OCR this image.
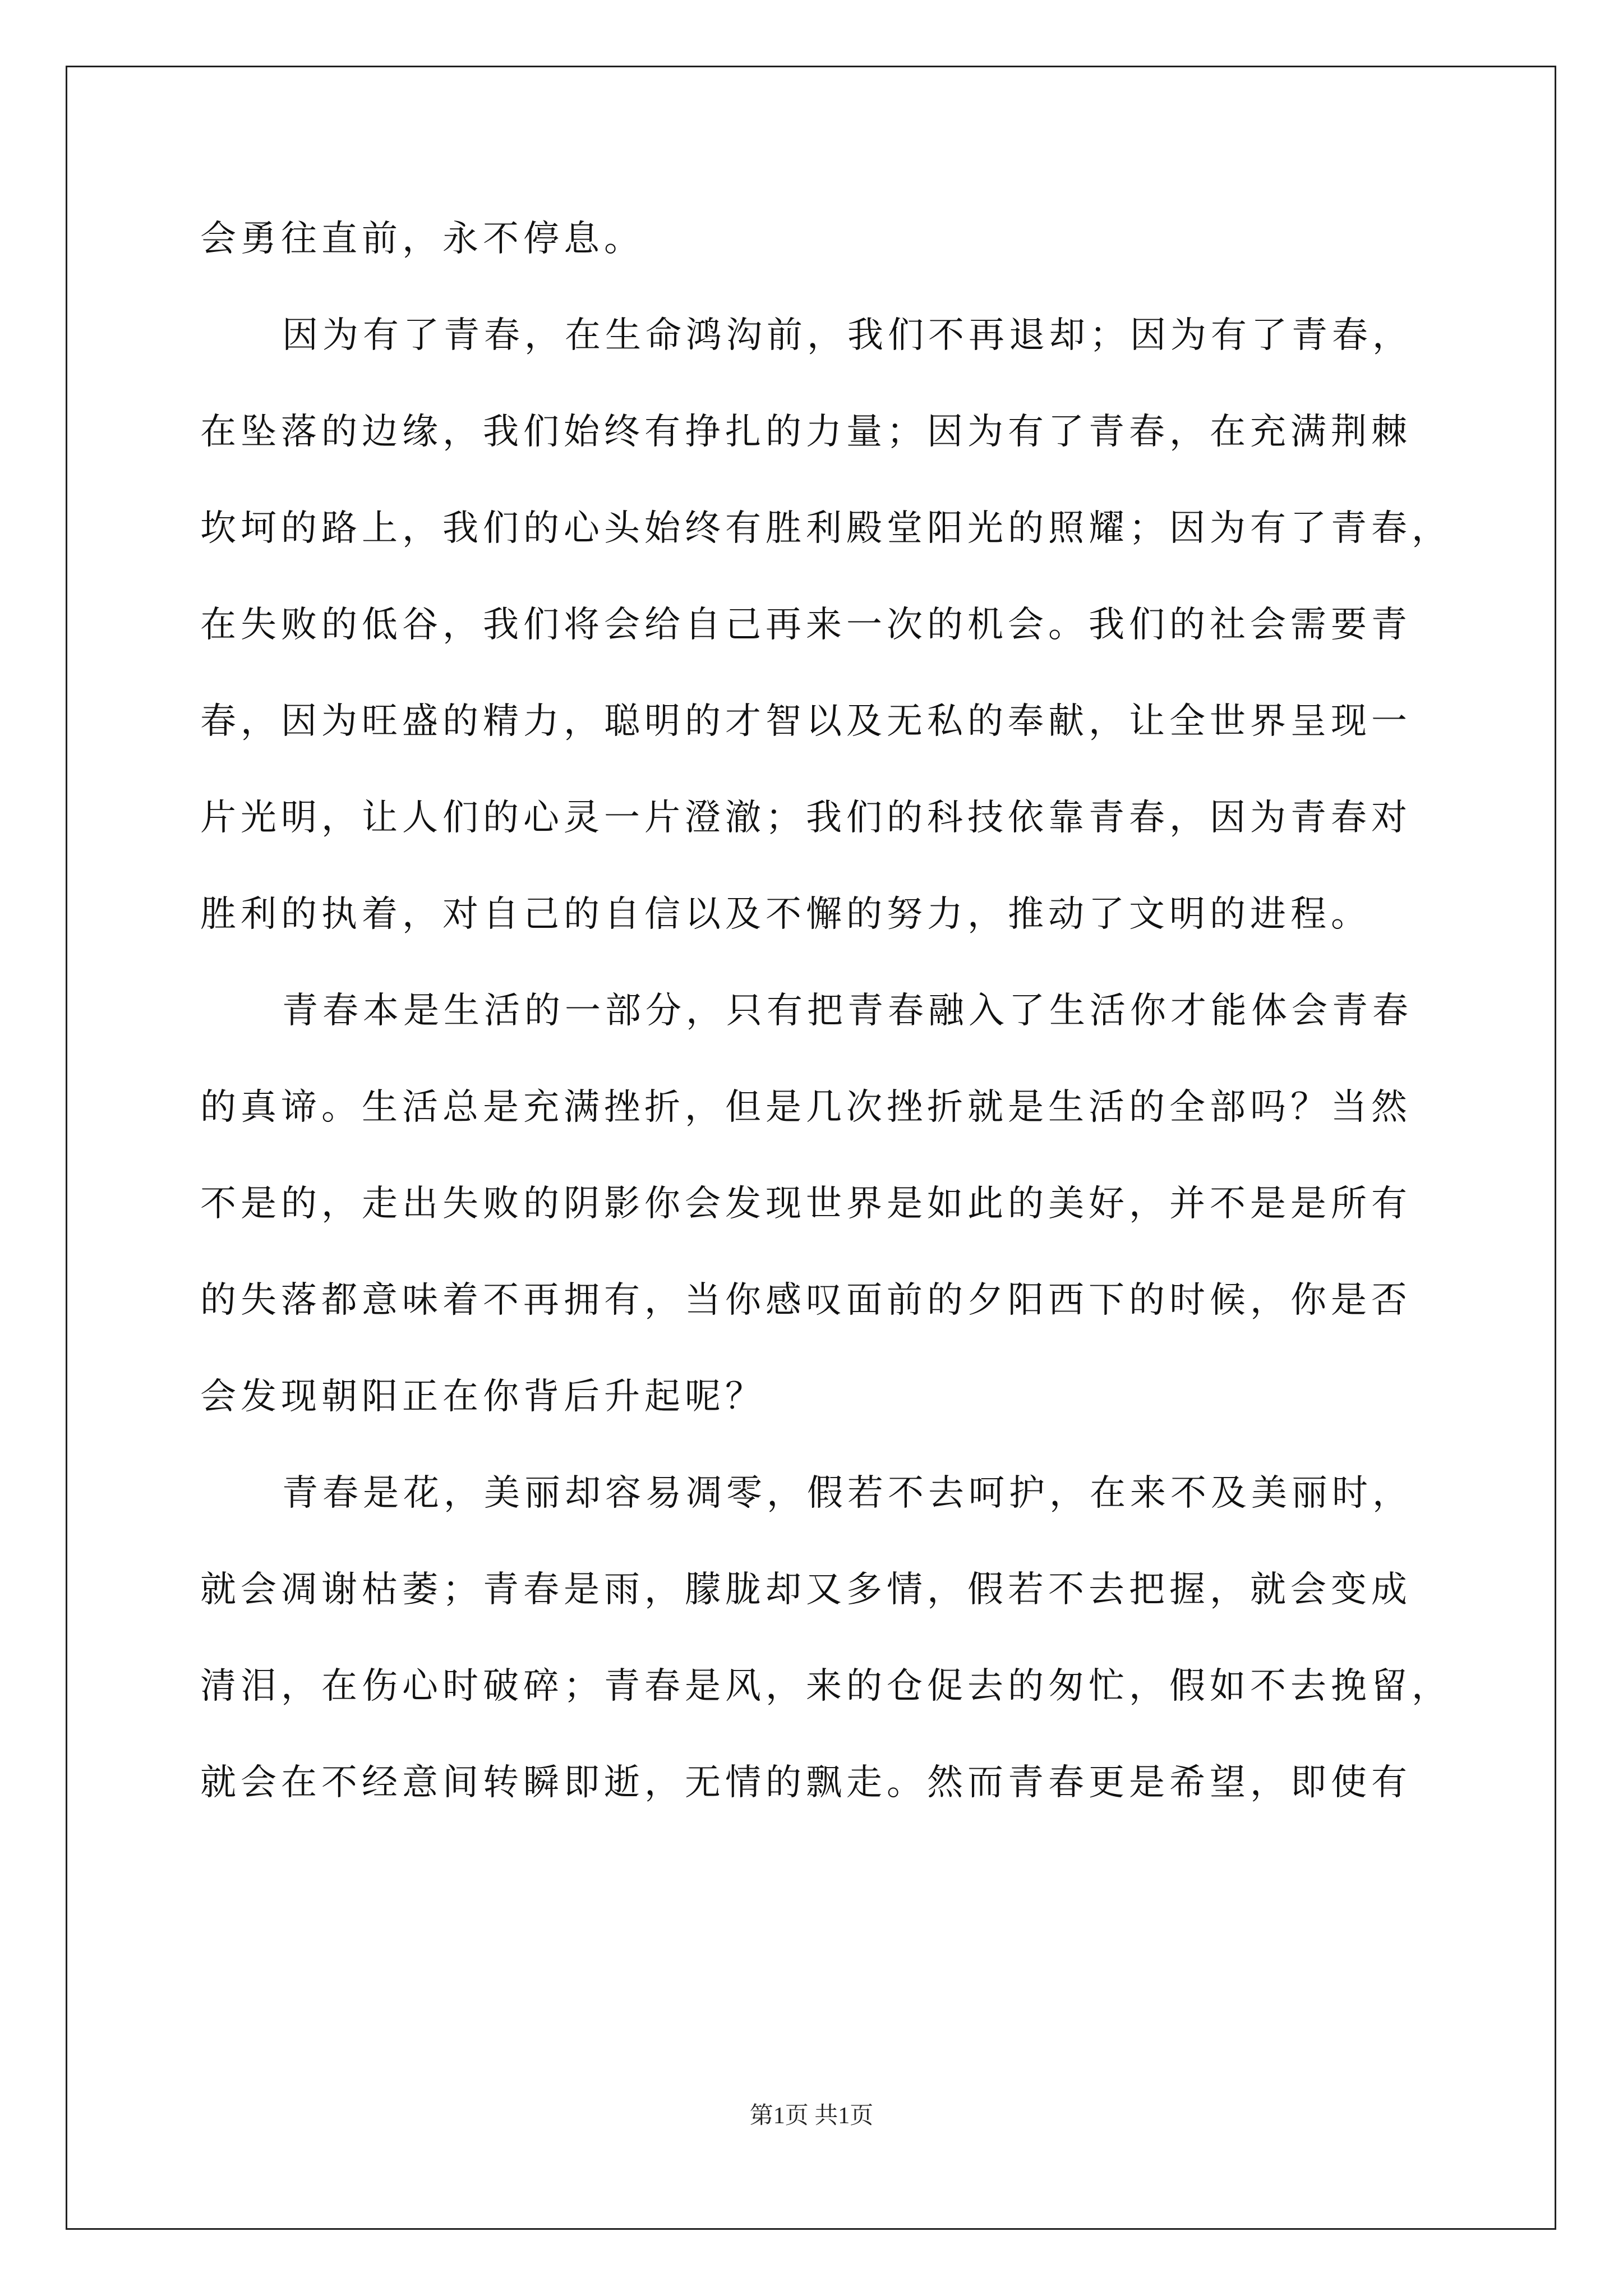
会勇往直前，永不停息。
因为有了青春，在生命鸿沟前，我们不再退却；因为有了青春，
在坠落的边缘，我们始终有挣扎的力量；因为有了青春，在充满荆棘
坎坷的路上，我们的心头始终有胜利殿堂阳光的照耀；因为有了青春，
在失败的低谷，我们将会给自己再来一次的机会。我们的社会需要青
春，因为旺盛的精力，聪明的才智以及无私的奉献，让全世界呈现一
片光明，让人们的心灵一片澄澈；我们的科技依靠青春，因为青春对
胜利的执着，对自己的自信以及不懈的努力，推动了文明的进程。
青春本是生活的一部分，只有把青春融入了生活你才能体会青春
的真谛。生活总是充满挫折，但是几次挫折就是生活的全部吗？当然
不是的，走出失败的阴影你会发现世界是如此的美好，并不是是所有
的失落都意味着不再拥有，当你感叹面前的夕阳西下的时候，你是否
会发现朝阳正在你背后升起呢？
青春是花，美丽却容易凋零，假若不去呵护，在来不及美丽时，
就会凋谢枯萎；青春是雨，朦胧却又多情，假若不去把握，就会变成
清泪，在伤心时破碎；青春是风，来的仓促去的匆忙，假如不去挽留，
就会在不经意间转瞬即逝，无情的飘走。然而青春更是希望，即使有
第1页 共1页
